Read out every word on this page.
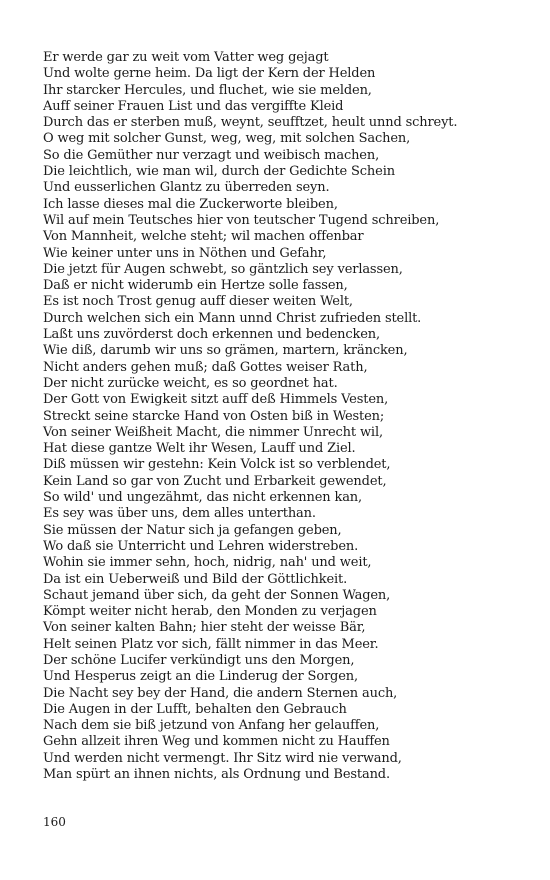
Er werde gar zu weit vom Vatter weg gejagt
Und wolte gerne heim. Da ligt der Kern der Helden
Ihr starcker Hercules, und fluchet, wie sie melden,
Auff seiner Frauen List und das vergiffte Kleid
Durch das er sterben muß, weynt, seufftzet, heult unnd schreyt.
O weg mit solcher Gunst, weg, weg, mit solchen Sachen,
So die Gemüther nur verzagt und weibisch machen,
Die leichtlich, wie man wil, durch der Gedichte Schein
Und eusserlichen Glantz zu überreden seyn.
Ich lasse dieses mal die Zuckerworte bleiben,
Wil auf mein Teutsches hier von teutscher Tugend schreiben,
Von Mannheit, welche steht; wil machen offenbar
Wie keiner unter uns in Nöthen und Gefahr,
Die jetzt für Augen schwebt, so gäntzlich sey verlassen,
Daß er nicht widerumb ein Hertze solle fassen,
Es ist noch Trost genug auff dieser weiten Welt,
Durch welchen sich ein Mann unnd Christ zufrieden stellt.
Laßt uns zuvörderst doch erkennen und bedencken,
Wie diß, darumb wir uns so grämen, martern, kräncken,
Nicht anders gehen muß; daß Gottes weiser Rath,
Der nicht zurücke weicht, es so geordnet hat.
Der Gott von Ewigkeit sitzt auff deß Himmels Vesten,
Streckt seine starcke Hand von Osten biß in Westen;
Von seiner Weißheit Macht, die nimmer Unrecht wil,
Hat diese gantze Welt ihr Wesen, Lauff und Ziel.
Diß müssen wir gestehn: Kein Volck ist so verblendet,
Kein Land so gar von Zucht und Erbarkeit gewendet,
So wild' und ungezähmt, das nicht erkennen kan,
Es sey was über uns, dem alles unterthan.
Sie müssen der Natur sich ja gefangen geben,
Wo daß sie Unterricht und Lehren widerstreben.
Wohin sie immer sehn, hoch, nidrig, nah' und weit,
Da ist ein Ueberweiß und Bild der Göttlichkeit.
Schaut jemand über sich, da geht der Sonnen Wagen,
Kömpt weiter nicht herab, den Monden zu verjagen
Von seiner kalten Bahn; hier steht der weisse Bär,
Helt seinen Platz vor sich, fällt nimmer in das Meer.
Der schöne Lucifer verkündigt uns den Morgen,
Und Hesperus zeigt an die Linderug der Sorgen,
Die Nacht sey bey der Hand, die andern Sternen auch,
Die Augen in der Lufft, behalten den Gebrauch
Nach dem sie biß jetzund von Anfang her gelauffen,
Gehn allzeit ihren Weg und kommen nicht zu Hauffen
Und werden nicht vermengt. Ihr Sitz wird nie verwand,
Man spürt an ihnen nichts, als Ordnung und Bestand.
160
